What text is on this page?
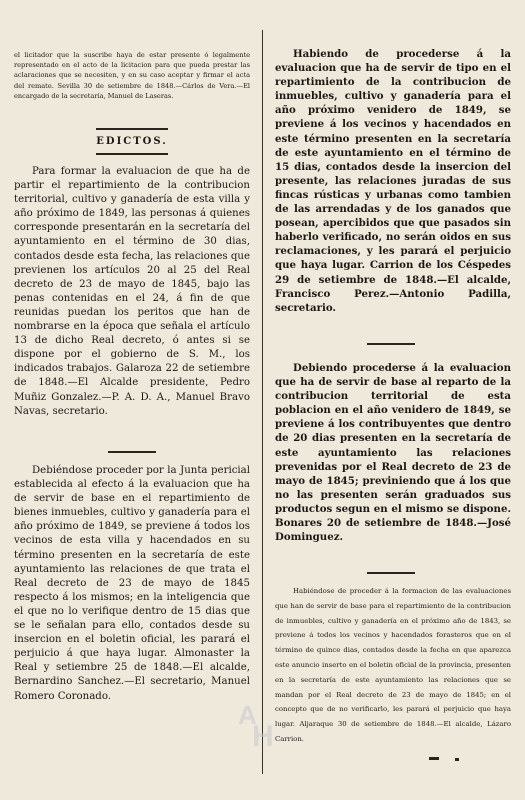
el licitador que la suscribe haya de estar presente ó legalmente representado en el acto de la licitacion para que pueda prestar las aclaraciones que se necesiten, y en su caso aceptar y firmar el acta del remate. Sevilla 30 de setiembre de 1848.—Cárlos de Vera.—El encargado de la secretaría, Manuel de Laseras.

EDICTOS.

Para formar la evaluacion de que ha de partir el repartimiento de la contribucion territorial, cultivo y ganadería de esta villa y año próximo de 1849, las personas á quienes corresponde presentarán en la secretaría del ayuntamiento en el término de 30 dias, contados desde esta fecha, las relaciones que previenen los artículos 20 al 25 del Real decreto de 23 de mayo de 1845, bajo las penas contenidas en el 24, á fin de que reunidas puedan los peritos que han de nombrarse en la época que señala el artículo 13 de dicho Real decreto, ó antes si se dispone por el gobierno de S. M., los indicados trabajos. Galaroza 22 de setiembre de 1848.—El Alcalde presidente, Pedro Muñiz Gonzalez.—P. A. D. A., Manuel Bravo Navas, secretario.

Debiéndose proceder por la Junta pericial establecida al efecto á la evaluacion que ha de servir de base en el repartimiento de bienes inmuebles, cultivo y ganadería para el año próximo de 1849, se previene á todos los vecinos de esta villa y hacendados en su término presenten en la secretaría de este ayuntamiento las relaciones de que trata el Real decreto de 23 de mayo de 1845 respecto á los mismos; en la inteligencia que el que no lo verifique dentro de 15 dias que se le señalan para ello, contados desde su insercion en el boletin oficial, les parará el perjuicio á que haya lugar. Almonaster la Real y setiembre 25 de 1848.—El alcalde, Bernardino Sanchez.—El secretario, Manuel Romero Coronado.

Habiendo de procederse á la evaluacion que ha de servir de tipo en el repartimiento de la contribucion de inmuebles, cultivo y ganadería para el año próximo venidero de 1849, se previene á los vecinos y hacendados en este término presenten en la secretaría de este ayuntamiento en el término de 15 dias, contados desde la insercion del presente, las relaciones juradas de sus fincas rústicas y urbanas como tambien de las arrendadas y de los ganados que posean, apercibidos que que pasados sin haberlo verificado, no serán oidos en sus reclamaciones, y les parará el perjuicio que haya lugar. Carrion de los Céspedes 29 de setiembre de 1848.—El alcalde, Francisco Perez.—Antonio Padilla, secretario.

Debiendo procederse á la evaluacion que ha de servir de base al reparto de la contribucion territorial de esta poblacion en el año venidero de 1849, se previene á los contribuyentes que dentro de 20 dias presenten en la secretaría de este ayuntamiento las relaciones prevenidas por el Real decreto de 23 de mayo de 1845; previniendo que á los que no las presenten serán graduados sus productos segun en el mismo se dispone. Bonares 20 de setiembre de 1848.—José Dominguez.

Habiéndose de proceder á la formacion de las evaluaciones que han de servir de base para el repartimiento de la contribucion de inmuebles, cultivo y ganadería en el próximo año de 1843, se previene á todos los vecinos y hacendados forasteros que en el término de quince dias, contados desde la fecha en que aparezca este anuncio inserto en el boletin oficial de la provincia, presenten en la secretaría de este ayuntamiento las relaciones que se mandan por el Real decreto de 23 de mayo de 1845; en el concepto que de no verificarlo, les parará el perjuicio que haya lugar. Aljaraque 30 de setiembre de 1848.—El alcalde, Lázaro Carrion.

A
H
